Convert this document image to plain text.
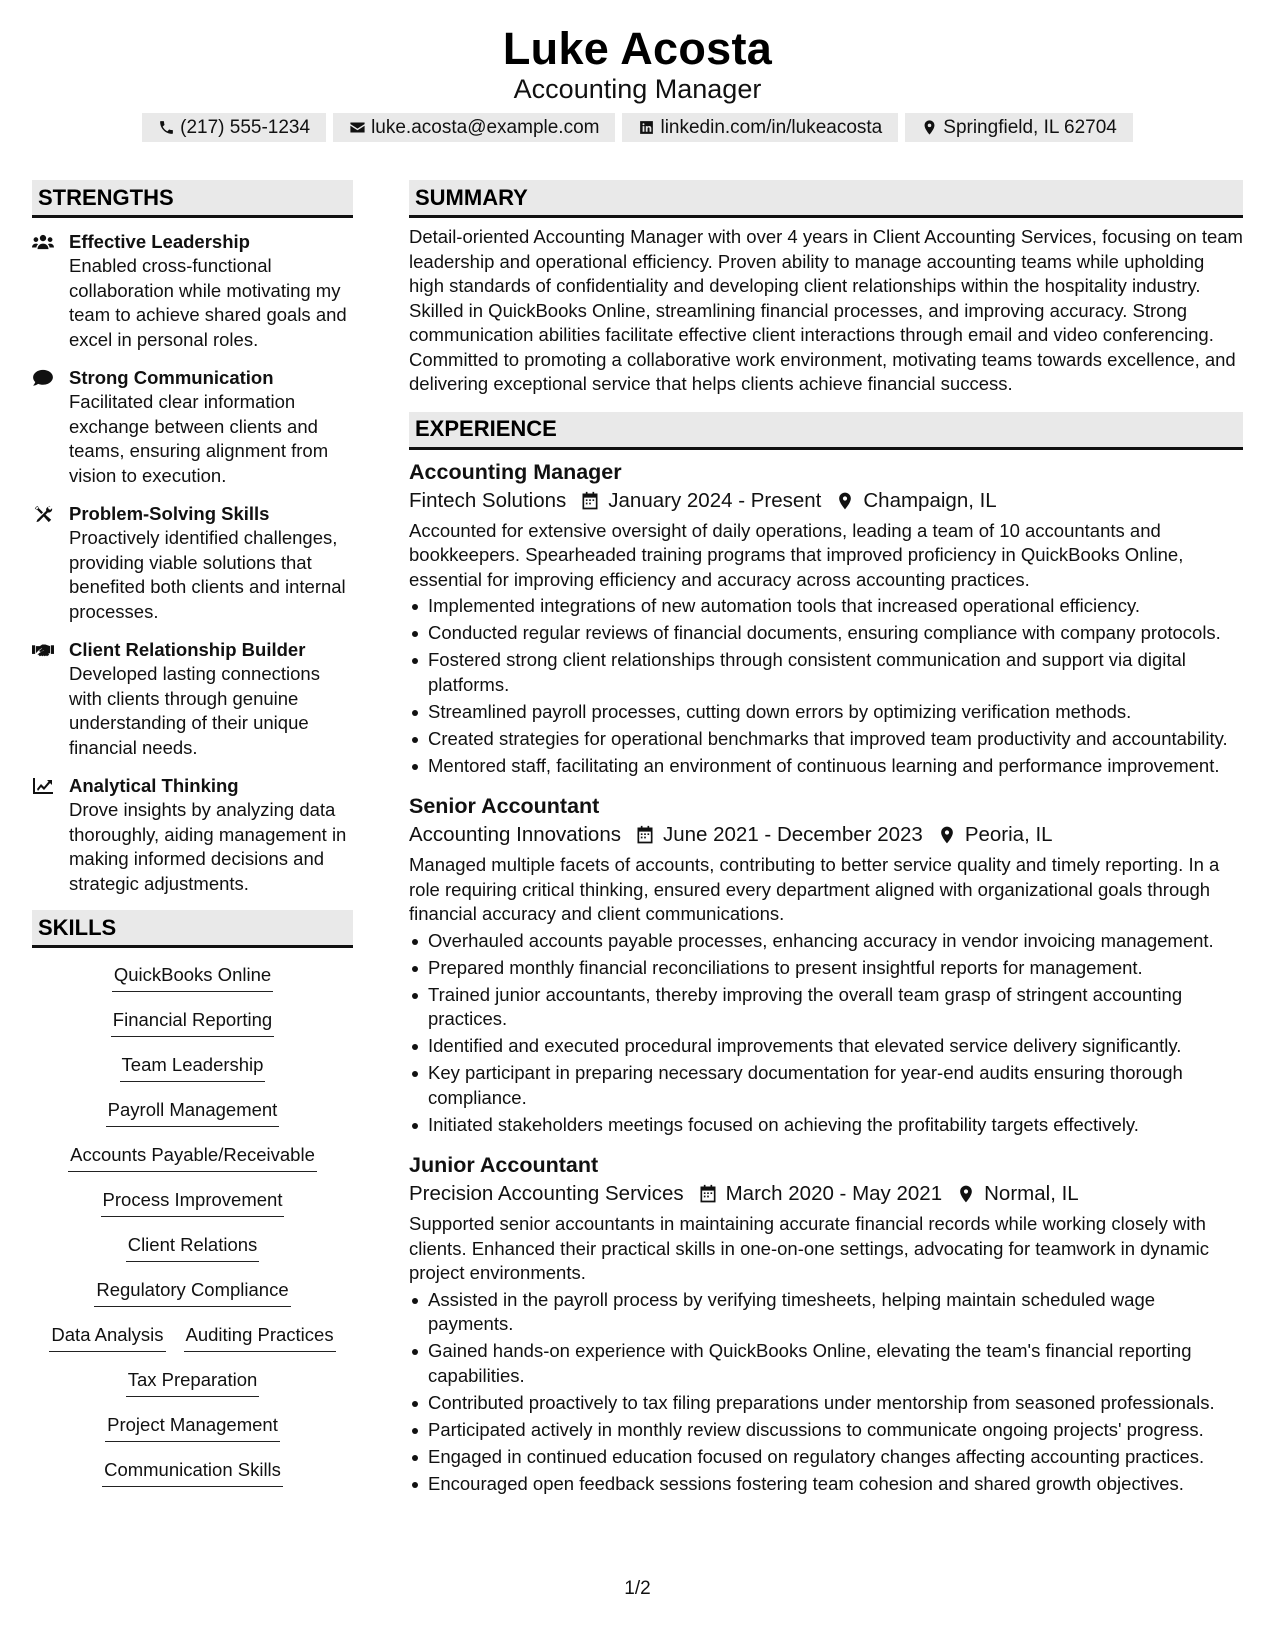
Luke Acosta
Accounting Manager
(217) 555-1234	luke.acosta@example.com	linkedin.com/in/lukeacosta	Springfield, IL 62704
STRENGTHS
Effective Leadership
Enabled cross-functional collaboration while motivating my team to achieve shared goals and excel in personal roles.
Strong Communication
Facilitated clear information exchange between clients and teams, ensuring alignment from vision to execution.
Problem-Solving Skills
Proactively identified challenges, providing viable solutions that benefited both clients and internal processes.
Client Relationship Builder
Developed lasting connections with clients through genuine understanding of their unique financial needs.
Analytical Thinking
Drove insights by analyzing data thoroughly, aiding management in making informed decisions and strategic adjustments.
SKILLS
QuickBooks Online
Financial Reporting
Team Leadership
Payroll Management
Accounts Payable/Receivable
Process Improvement
Client Relations
Regulatory Compliance
Data Analysis Auditing Practices
Tax Preparation
Project Management
Communication Skills
SUMMARY
Detail-oriented Accounting Manager with over 4 years in Client Accounting Services, focusing on team leadership and operational efficiency. Proven ability to manage accounting teams while upholding high standards of confidentiality and developing client relationships within the hospitality industry. Skilled in QuickBooks Online, streamlining financial processes, and improving accuracy. Strong communication abilities facilitate effective client interactions through email and video conferencing. Committed to promoting a collaborative work environment, motivating teams towards excellence, and delivering exceptional service that helps clients achieve financial success.
EXPERIENCE
Accounting Manager
Fintech Solutions January 2024 - Present Champaign, IL
Accounted for extensive oversight of daily operations, leading a team of 10 accountants and bookkeepers. Spearheaded training programs that improved proficiency in QuickBooks Online, essential for improving efficiency and accuracy across accounting practices.
Implemented integrations of new automation tools that increased operational efficiency.
Conducted regular reviews of financial documents, ensuring compliance with company protocols.
Fostered strong client relationships through consistent communication and support via digital platforms.
Streamlined payroll processes, cutting down errors by optimizing verification methods.
Created strategies for operational benchmarks that improved team productivity and accountability.
Mentored staff, facilitating an environment of continuous learning and performance improvement.
Senior Accountant
Accounting Innovations June 2021 - December 2023 Peoria, IL
Managed multiple facets of accounts, contributing to better service quality and timely reporting. In a role requiring critical thinking, ensured every department aligned with organizational goals through financial accuracy and client communications.
Overhauled accounts payable processes, enhancing accuracy in vendor invoicing management.
Prepared monthly financial reconciliations to present insightful reports for management.
Trained junior accountants, thereby improving the overall team grasp of stringent accounting practices.
Identified and executed procedural improvements that elevated service delivery significantly.
Key participant in preparing necessary documentation for year-end audits ensuring thorough compliance.
Initiated stakeholders meetings focused on achieving the profitability targets effectively.
Junior Accountant
Precision Accounting Services March 2020 - May 2021 Normal, IL
Supported senior accountants in maintaining accurate financial records while working closely with clients. Enhanced their practical skills in one-on-one settings, advocating for teamwork in dynamic project environments.
Assisted in the payroll process by verifying timesheets, helping maintain scheduled wage payments.
Gained hands-on experience with QuickBooks Online, elevating the team's financial reporting capabilities.
Contributed proactively to tax filing preparations under mentorship from seasoned professionals.
Participated actively in monthly review discussions to communicate ongoing projects' progress.
Engaged in continued education focused on regulatory changes affecting accounting practices.
Encouraged open feedback sessions fostering team cohesion and shared growth objectives.
1/2
